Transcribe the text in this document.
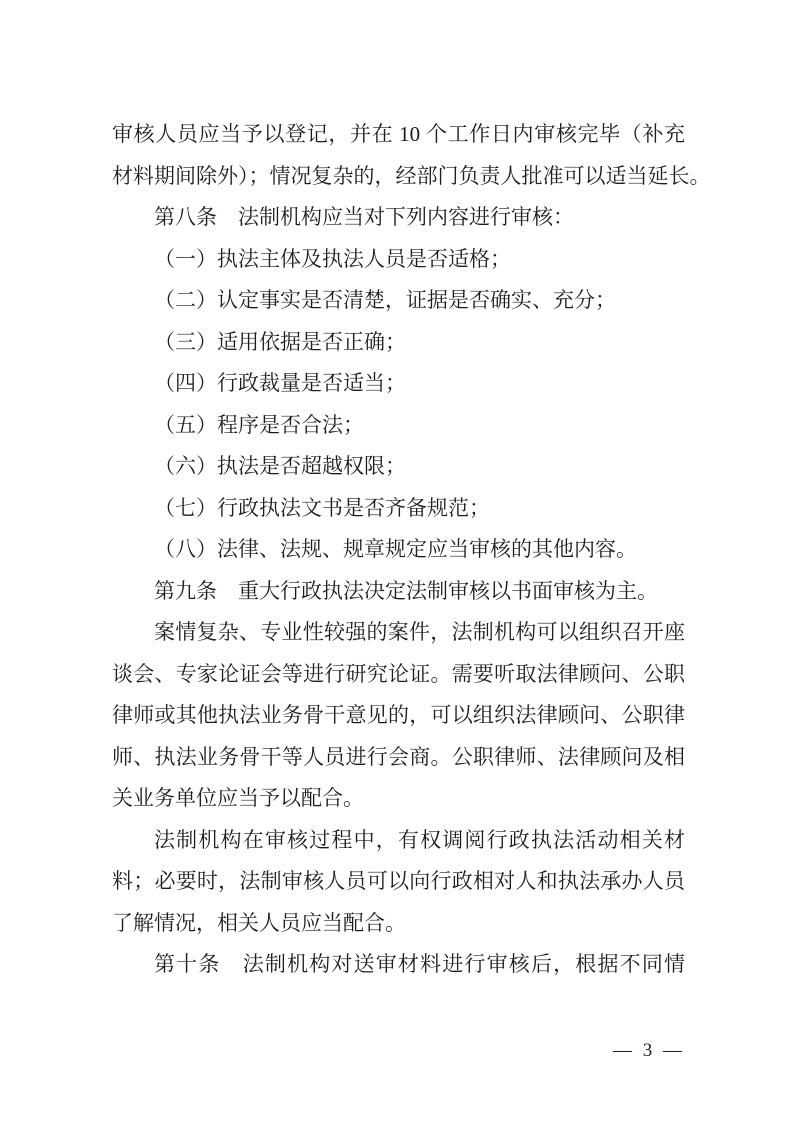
审核人员应当予以登记，并在 10 个工作日内审核完毕（补充
材料期间除外）；情况复杂的，经部门负责人批准可以适当延长。
第八条　法制机构应当对下列内容进行审核：
（一）执法主体及执法人员是否适格；
（二）认定事实是否清楚，证据是否确实、充分；
（三）适用依据是否正确；
（四）行政裁量是否适当；
（五）程序是否合法；
（六）执法是否超越权限；
（七）行政执法文书是否齐备规范；
（八）法律、法规、规章规定应当审核的其他内容。
第九条　重大行政执法决定法制审核以书面审核为主。
案情复杂、专业性较强的案件，法制机构可以组织召开座
谈会、专家论证会等进行研究论证。需要听取法律顾问、公职
律师或其他执法业务骨干意见的，可以组织法律顾问、公职律
师、执法业务骨干等人员进行会商。公职律师、法律顾问及相
关业务单位应当予以配合。
法制机构在审核过程中，有权调阅行政执法活动相关材
料；必要时，法制审核人员可以向行政相对人和执法承办人员
了解情况，相关人员应当配合。
第十条　法制机构对送审材料进行审核后，根据不同情
— 3 —
